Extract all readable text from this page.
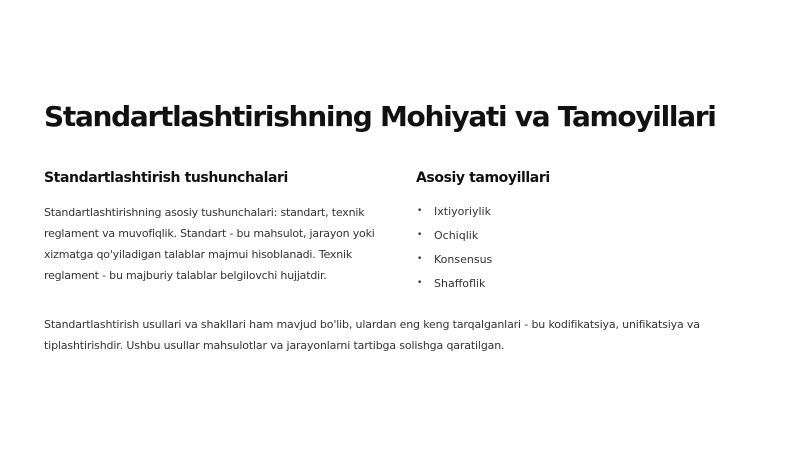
Standartlashtirishning Mohiyati va Tamoyillari
Standartlashtirish tushunchalari

Standartlashtirishning asosiy tushunchalari: standart, texnik reglament va muvofiqlik. Standart - bu mahsulot, jarayon yoki xizmatga qo'yiladigan talablar majmui hisoblanadi. Texnik reglament - bu majburiy talablar belgilovchi hujjatdir.

Asosiy tamoyillari
• Ixtiyoriylik
• Ochiqlik
• Konsensus
• Shaffoflik

Standartlashtirish usullari va shakllari ham mavjud bo'lib, ulardan eng keng tarqalganlari - bu kodifikatsiya, unifikatsiya va tiplashtirishdir. Ushbu usullar mahsulotlar va jarayonlarni tartibga solishga qaratilgan.
